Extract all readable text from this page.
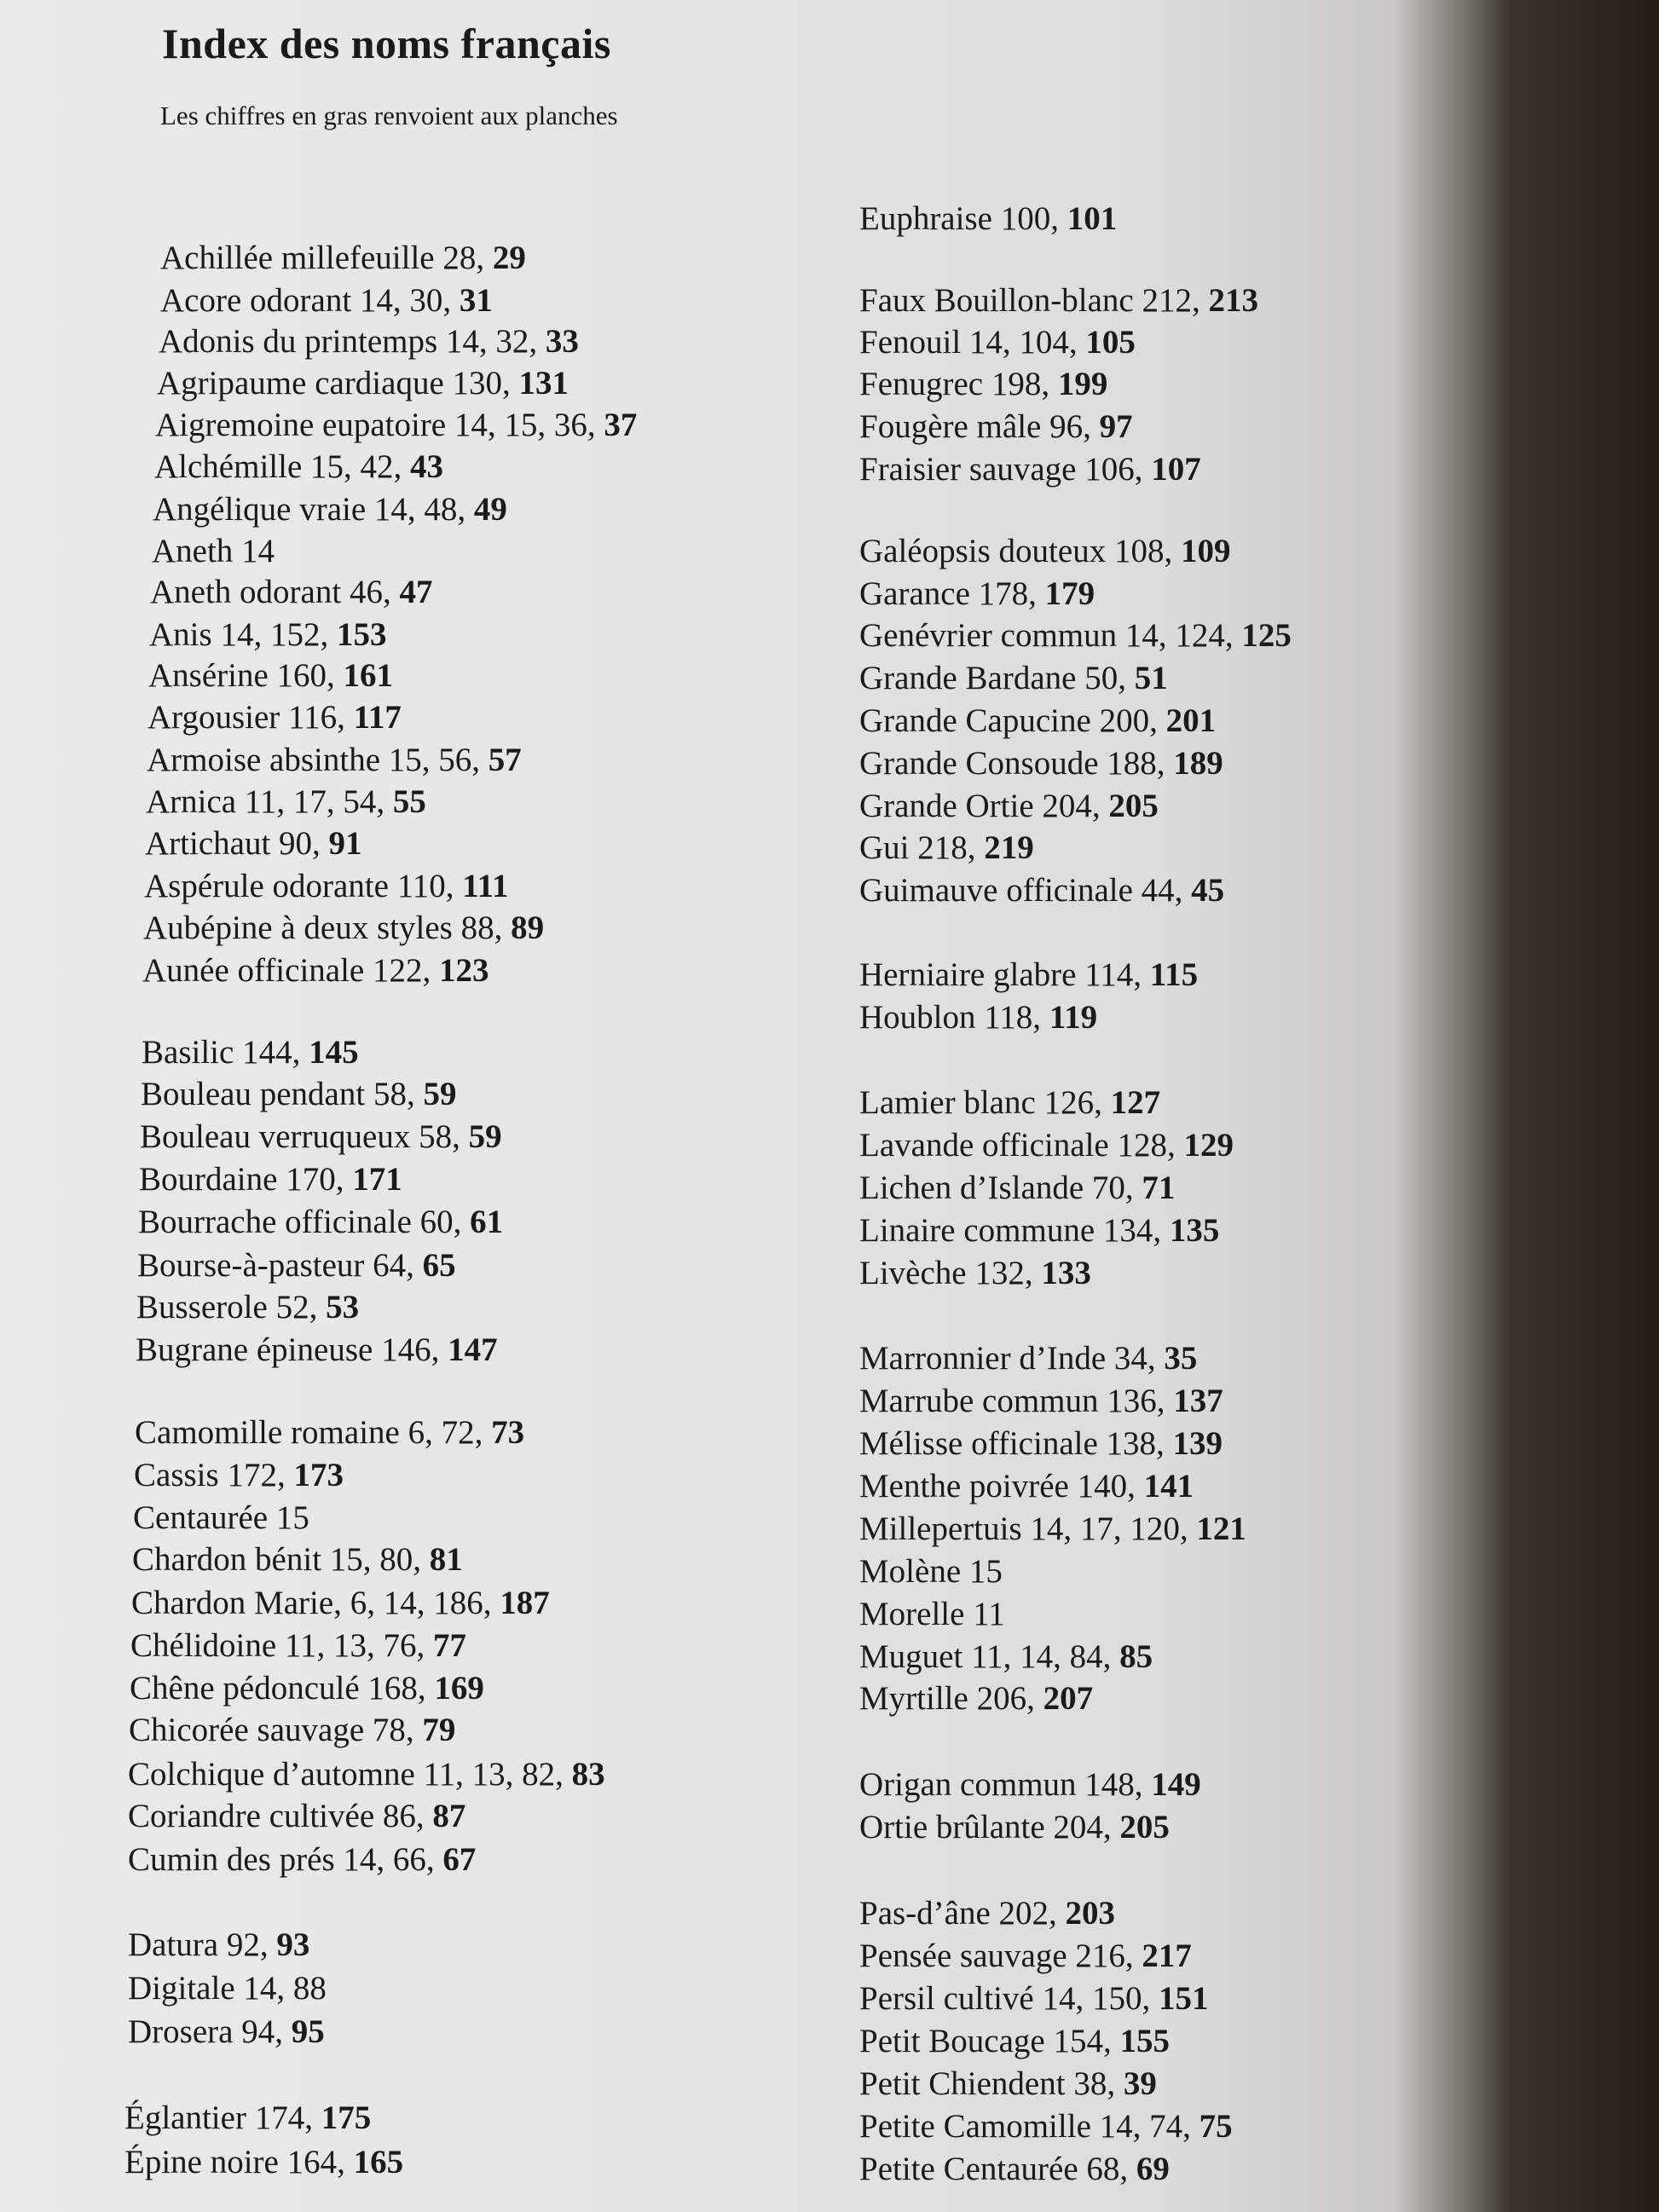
Index des noms français
Les chiffres en gras renvoient aux planches
Achillée millefeuille 28, 29
Acore odorant 14, 30, 31
Adonis du printemps 14, 32, 33
Agripaume cardiaque 130, 131
Aigremoine eupatoire 14, 15, 36, 37
Alchémille 15, 42, 43
Angélique vraie 14, 48, 49
Aneth 14
Aneth odorant 46, 47
Anis 14, 152, 153
Ansérine 160, 161
Argousier 116, 117
Armoise absinthe 15, 56, 57
Arnica 11, 17, 54, 55
Artichaut 90, 91
Aspérule odorante 110, 111
Aubépine à deux styles 88, 89
Aunée officinale 122, 123
Basilic 144, 145
Bouleau pendant 58, 59
Bouleau verruqueux 58, 59
Bourdaine 170, 171
Bourrache officinale 60, 61
Bourse-à-pasteur 64, 65
Busserole 52, 53
Bugrane épineuse 146, 147
Camomille romaine 6, 72, 73
Cassis 172, 173
Centaurée 15
Chardon bénit 15, 80, 81
Chardon Marie, 6, 14, 186, 187
Chélidoine 11, 13, 76, 77
Chêne pédonculé 168, 169
Chicorée sauvage 78, 79
Colchique d’automne 11, 13, 82, 83
Coriandre cultivée 86, 87
Cumin des prés 14, 66, 67
Datura 92, 93
Digitale 14, 88
Drosera 94, 95
Églantier 174, 175
Épine noire 164, 165
Euphraise 100, 101
Faux Bouillon-blanc 212, 213
Fenouil 14, 104, 105
Fenugrec 198, 199
Fougère mâle 96, 97
Fraisier sauvage 106, 107
Galéopsis douteux 108, 109
Garance 178, 179
Genévrier commun 14, 124, 125
Grande Bardane 50, 51
Grande Capucine 200, 201
Grande Consoude 188, 189
Grande Ortie 204, 205
Gui 218, 219
Guimauve officinale 44, 45
Herniaire glabre 114, 115
Houblon 118, 119
Lamier blanc 126, 127
Lavande officinale 128, 129
Lichen d’Islande 70, 71
Linaire commune 134, 135
Livèche 132, 133
Marronnier d’Inde 34, 35
Marrube commun 136, 137
Mélisse officinale 138, 139
Menthe poivrée 140, 141
Millepertuis 14, 17, 120, 121
Molène 15
Morelle 11
Muguet 11, 14, 84, 85
Myrtille 206, 207
Origan commun 148, 149
Ortie brûlante 204, 205
Pas-d’âne 202, 203
Pensée sauvage 216, 217
Persil cultivé 14, 150, 151
Petit Boucage 154, 155
Petit Chiendent 38, 39
Petite Camomille 14, 74, 75
Petite Centaurée 68, 69
